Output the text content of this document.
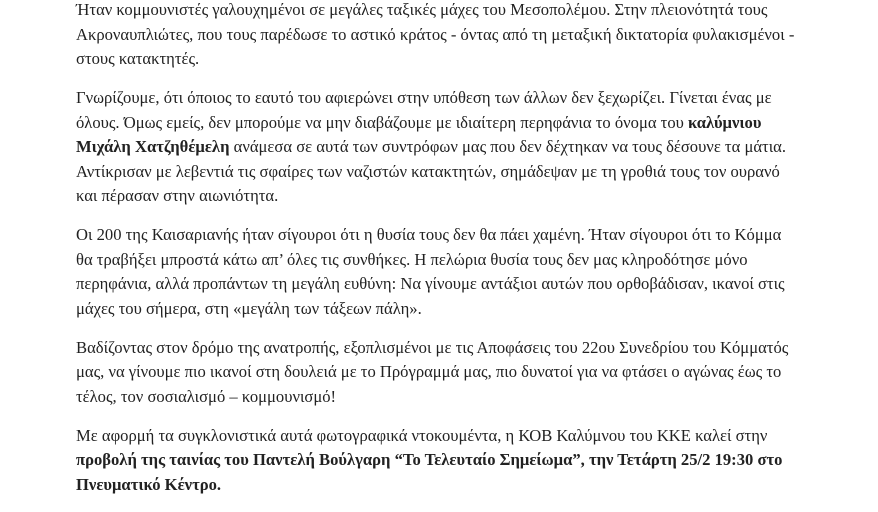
Ήταν κομμουνιστές γαλουχημένοι σε μεγάλες ταξικές μάχες του Μεσοπολέμου. Στην πλειονότητά τους Ακροναυπλιώτες, που τους παρέδωσε το αστικό κράτος - όντας από τη μεταξική δικτατορία φυλακισμένοι - στους κατακτητές.

Γνωρίζουμε, ότι όποιος το εαυτό του αφιερώνει στην υπόθεση των άλλων δεν ξεχωρίζει. Γίνεται ένας με όλους. Όμως εμείς, δεν μπορούμε να μην διαβάζουμε με ιδιαίτερη περηφάνια το όνομα του καλύμνιου Μιχάλη Χατζηθέμελη ανάμεσα σε αυτά των συντρόφων μας που δεν δέχτηκαν να τους δέσουνε τα μάτια. Αντίκρισαν με λεβεντιά τις σφαίρες των ναζιστών κατακτητών, σημάδεψαν με τη γροθιά τους τον ουρανό και πέρασαν στην αιωνιότητα.

Οι 200 της Καισαριανής ήταν σίγουροι ότι η θυσία τους δεν θα πάει χαμένη. Ήταν σίγουροι ότι το Κόμμα θα τραβήξει μπροστά κάτω απ’ όλες τις συνθήκες. Η πελώρια θυσία τους δεν μας κληροδότησε μόνο περηφάνια, αλλά προπάντων τη μεγάλη ευθύνη: Να γίνουμε αντάξιοι αυτών που ορθοβάδισαν, ικανοί στις μάχες του σήμερα, στη «μεγάλη των τάξεων πάλη».

Βαδίζοντας στον δρόμο της ανατροπής, εξοπλισμένοι με τις Αποφάσεις του 22ου Συνεδρίου του Κόμματός μας, να γίνουμε πιο ικανοί στη δουλειά με το Πρόγραμμά μας, πιο δυνατοί για να φτάσει ο αγώνας έως το τέλος, τον σοσιαλισμό – κομμουνισμό!

Με αφορμή τα συγκλονιστικά αυτά φωτογραφικά ντοκουμέντα, η ΚΟΒ Καλύμνου του ΚΚΕ καλεί στην προβολή της ταινίας του Παντελή Βούλγαρη “Το Τελευταίο Σημείωμα”, την Τετάρτη 25/2 19:30 στο Πνευματικό Κέντρο.
